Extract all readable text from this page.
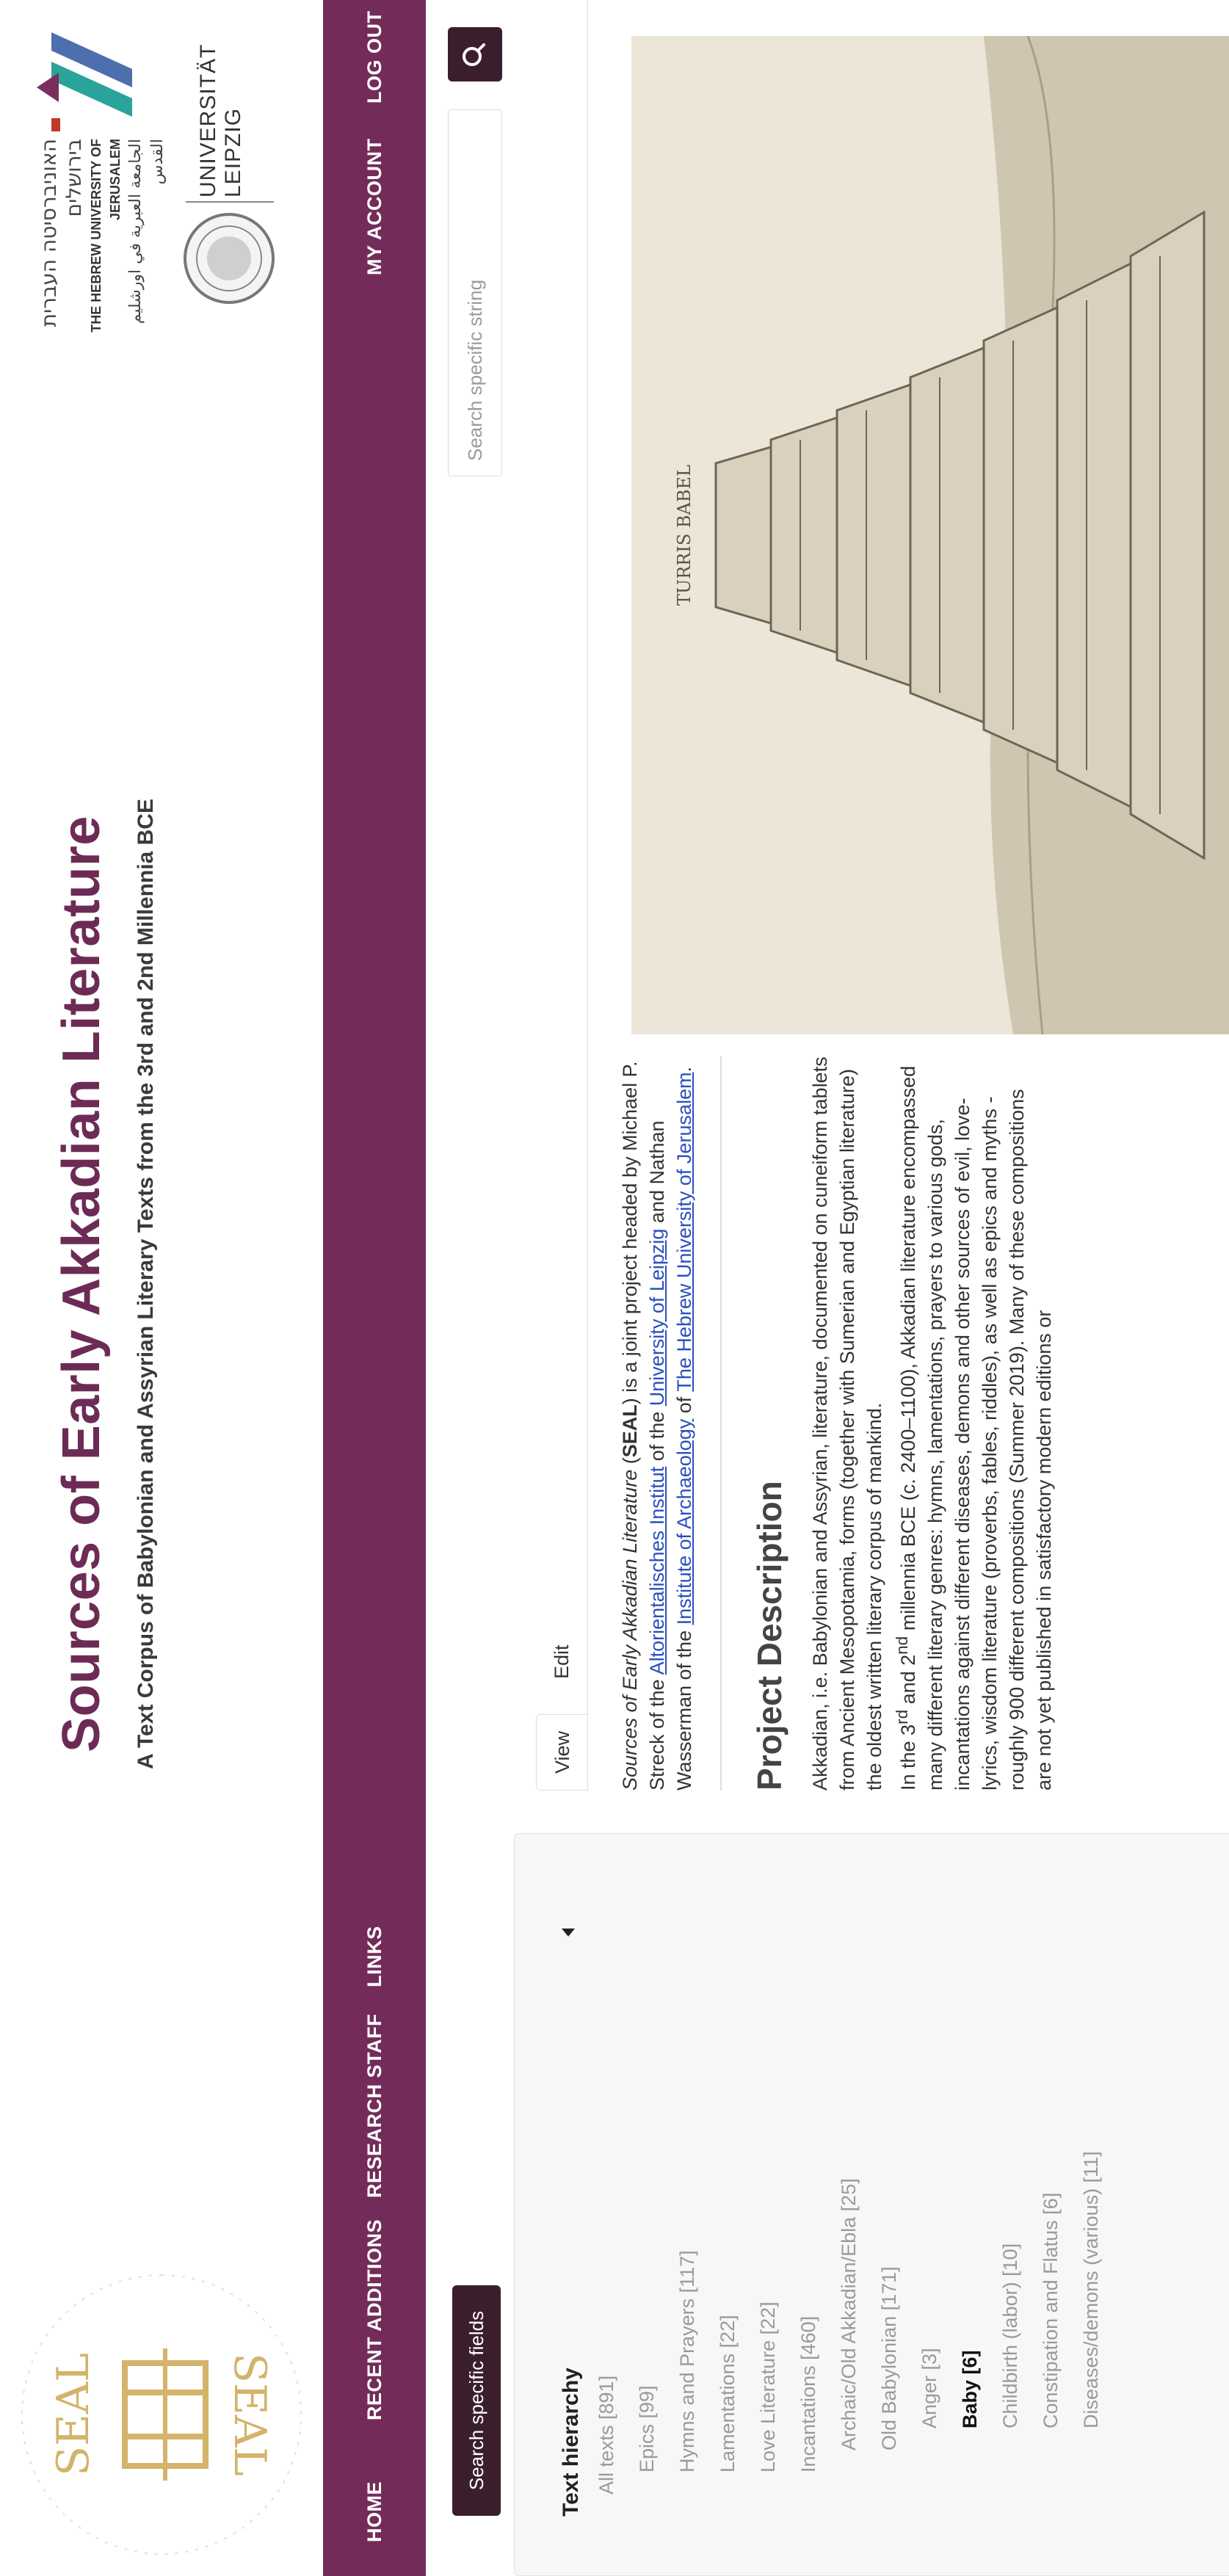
SEAL	SEAL
Sources of Early Akkadian Literature A Text Corpus of Babylonian and Assyrian Literary Texts from the 3rd and 2nd Millennia BCE
האוניברסיטה העברית בירושלים THE HEBREW UNIVERSITY OF JERUSALEM الجامعة العبرية في اورشليم القدس UNIVERSITÄT LEIPZIG
HOME
RECENT ADDITIONS
RESEARCH STAFF
LINKS
MY ACCOUNT
LOG OUT
Search specific fields
Search specific string	Text hierarchy All texts [891] Epics [99] Hymns and Prayers [117] Lamentations [22] Love Literature [22] Incantations [460] Archaic/Old Akkadian/Ebla [25] Old Babylonian [171] Anger [3] Baby [6] Childbirth (labor) [10] Constipation and Flatus [6] Diseases/demons (various) [11]
View
Edit	Sources of Early Akkadian Literature (SEAL) is a joint project headed by Michael P. Streck of the Altorientalisches Institut of the University of Leipzig and Nathan Wasserman of the Institute of Archaeology of The Hebrew University of Jerusalem.
Project Description Akkadian, i.e. Babylonian and Assyrian, literature, documented on cuneiform tablets from Ancient Mesopotamia, forms (together with Sumerian and Egyptian literature) the oldest written literary corpus of mankind. In the 3rd and 2nd millennia BCE (c. 2400–1100), Akkadian literature encompassed many different literary genres: hymns, lamentations, prayers to various gods, incantations against different diseases, demons and other sources of evil, love-lyrics, wisdom literature (proverbs, fables, riddles), as well as epics and myths - roughly 900 different compositions (Summer 2019). Many of these compositions are not yet published in satisfactory modern editions or

TURRIS BABEL
